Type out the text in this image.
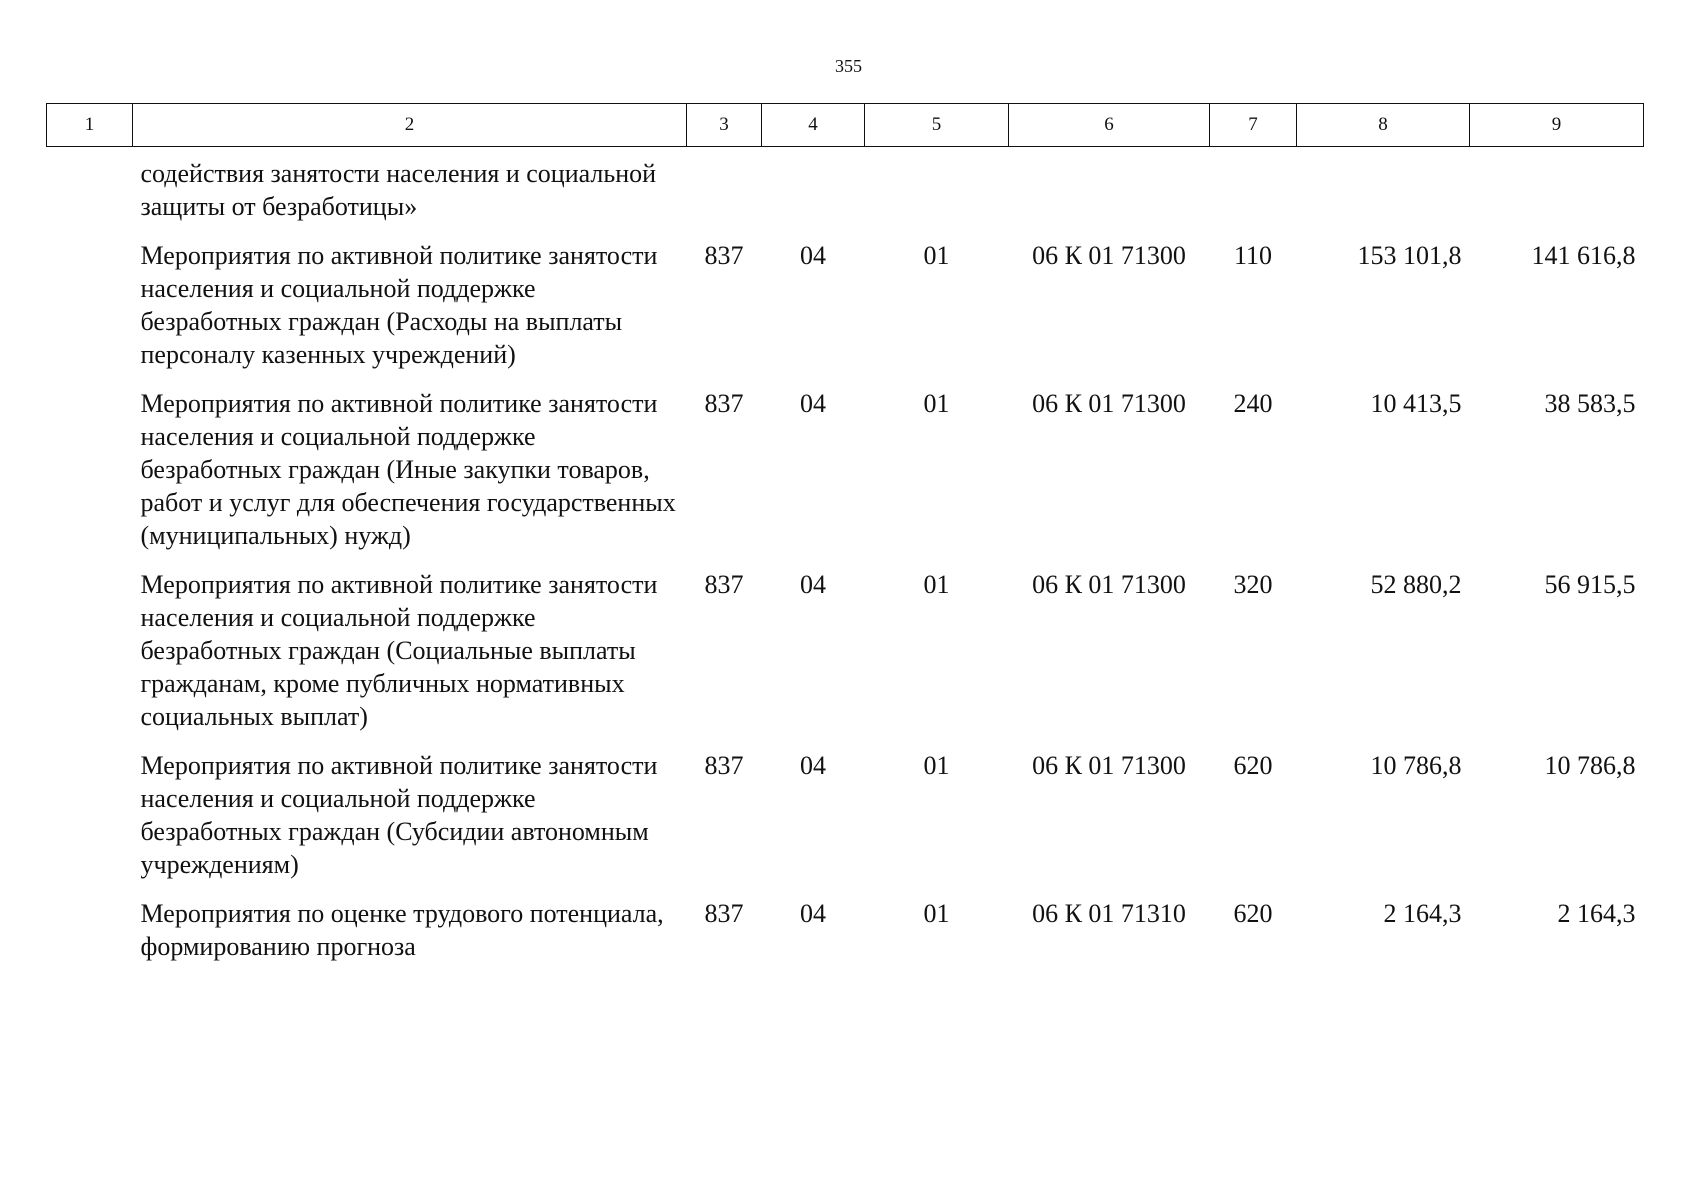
355
1	2	3	4	5	6	7	8	9
	содействия занятости населения и социальной защиты от безработицы»							
	Мероприятия по активной политике занятости населения и социальной поддержке безработных граждан (Расходы на выплаты персоналу казенных учреждений)	837	04	01	06 К 01 71300	110	153 101,8	141 616,8
	Мероприятия по активной политике занятости населения и социальной поддержке безработных граждан (Иные закупки товаров, работ и услуг для обеспечения государственных (муниципальных) нужд)	837	04	01	06 К 01 71300	240	10 413,5	38 583,5
	Мероприятия по активной политике занятости населения и социальной поддержке безработных граждан (Социальные выплаты гражданам, кроме публичных нормативных социальных выплат)	837	04	01	06 К 01 71300	320	52 880,2	56 915,5
	Мероприятия по активной политике занятости населения и социальной поддержке безработных граждан (Субсидии автономным учреждениям)	837	04	01	06 К 01 71300	620	10 786,8	10 786,8
	Мероприятия по оценке трудового потенциала, формированию прогноза	837	04	01	06 К 01 71310	620	2 164,3	2 164,3
